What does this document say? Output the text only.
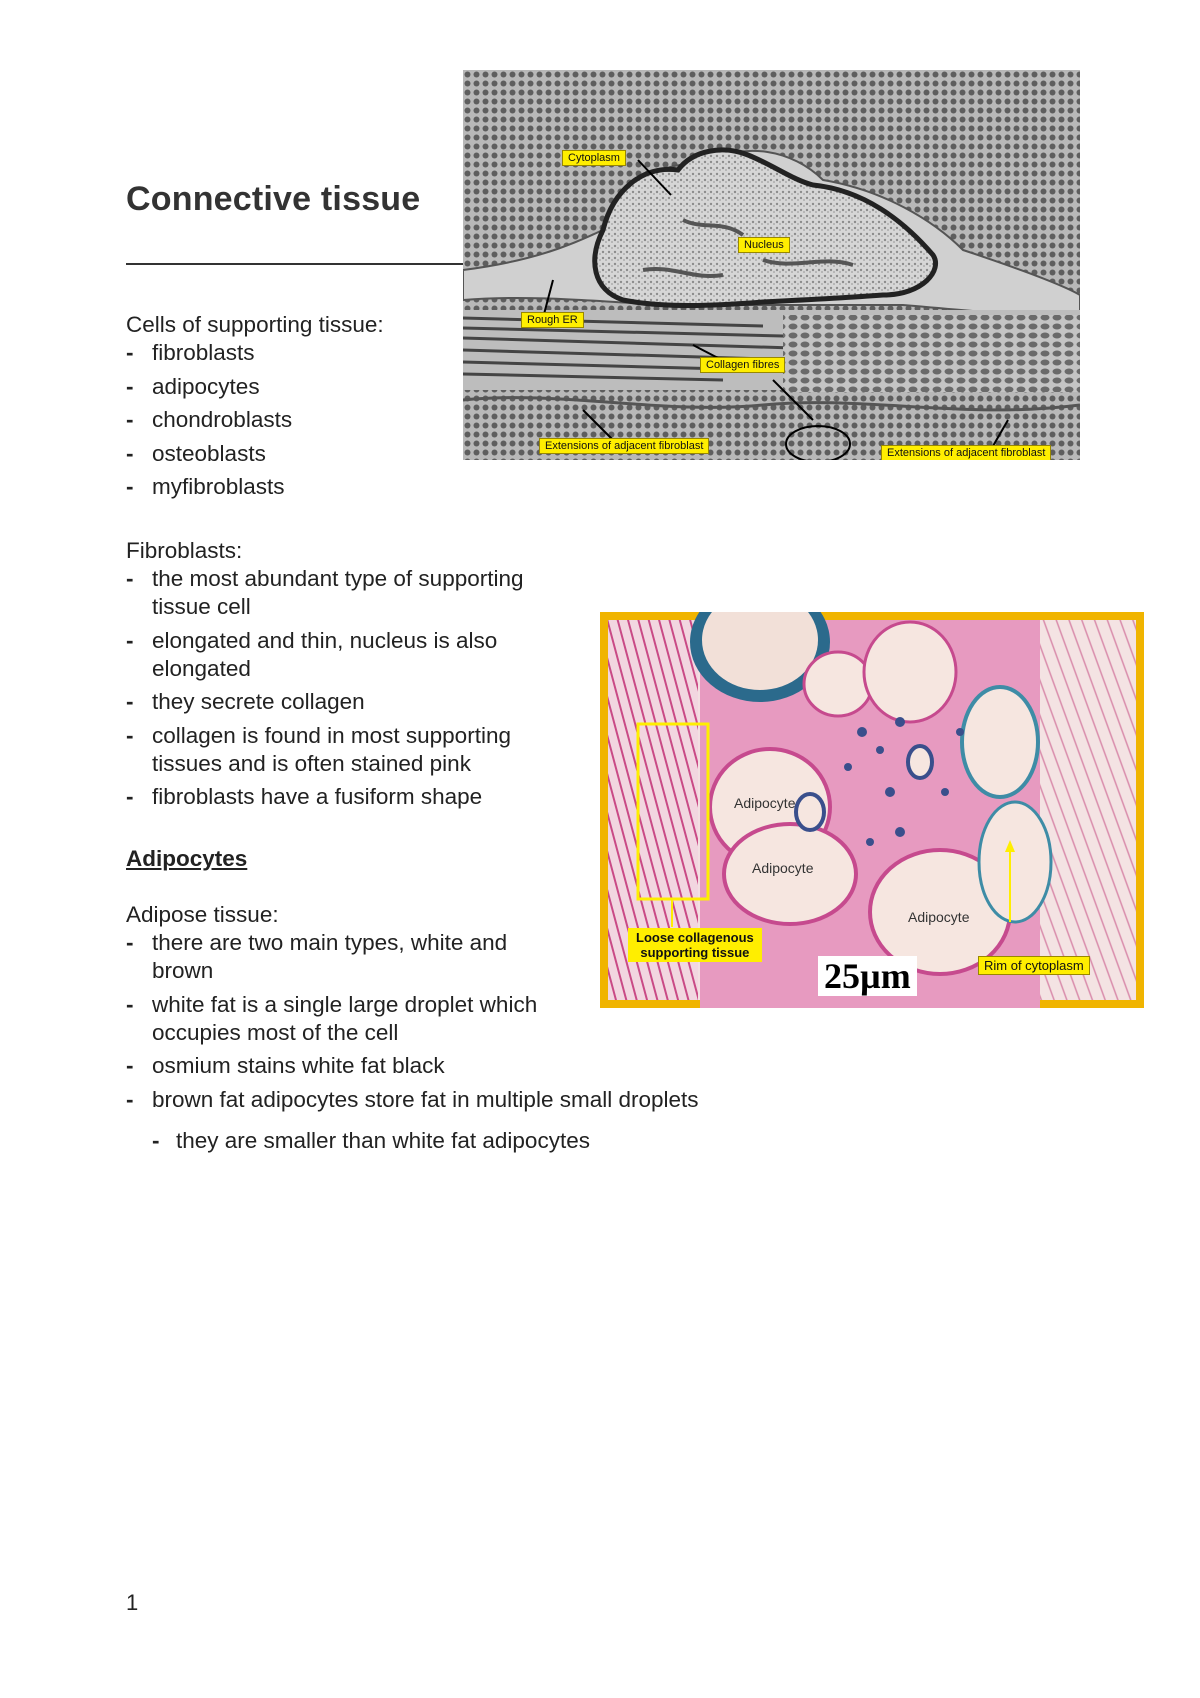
Connective tissue
Cytoplasm
Nucleus
Rough ER
Collagen fibres
Extensions of adjacent fibroblast
Extensions of adjacent fibroblast
Adipocyte
Adipocyte
Adipocyte
Loose collagenous
supporting tissue
25µm	Rim of cytoplasm
Cells of supporting tissue:
- fibroblasts
- adipocytes
- chondroblasts
- osteoblasts
- myfibroblasts
Fibroblasts:
- the most abundant type of supporting
tissue cell
- elongated and thin, nucleus is also
elongated
- they secrete collagen
- collagen is found in most supporting
tissues and is often stained pink
- fibroblasts have a fusiform shape
Adipocytes
Adipose tissue:
- there are two main types, white and
brown
- white fat is a single large droplet which
occupies most of the cell
- osmium stains white fat black
- brown fat adipocytes store fat in multiple small droplets
- they are smaller than white fat adipocytes
1
